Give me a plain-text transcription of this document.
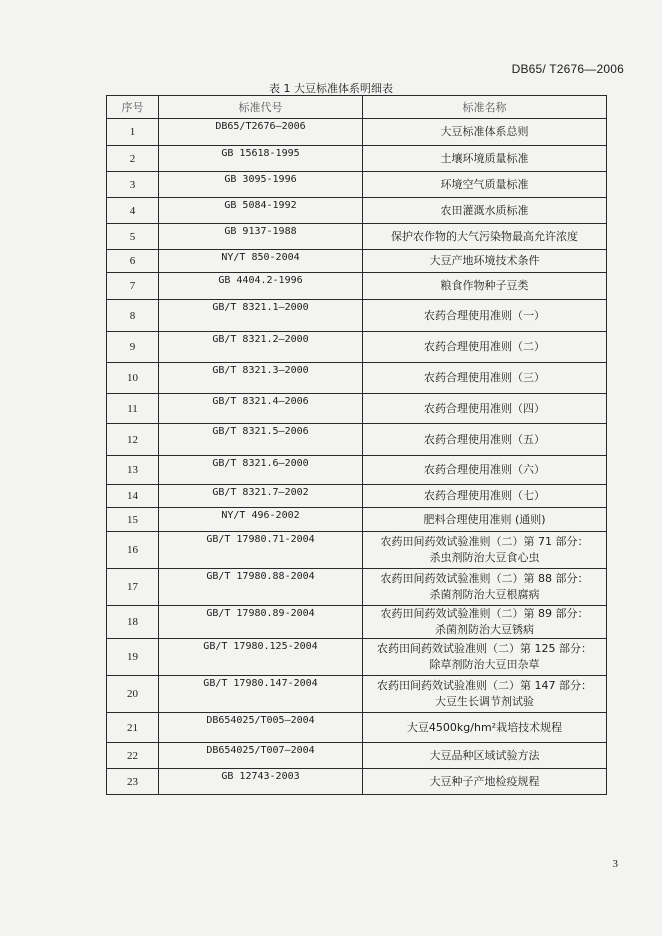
DB65/ T2676—2006
表 1 大豆标准体系明细表
序号	标准代号	标准名称
1	DB65/T2676—2006	大豆标准体系总则

2	GB 15618-1995	土壤环境质量标准

3	GB 3095-1996	环境空气质量标准

4	GB 5084-1992	农田灌溉水质标准

5	GB 9137-1988	保护农作物的大气污染物最高允许浓度

6	NY/T 850-2004	大豆产地环境技术条件

7	GB 4404.2-1996	粮食作物种子豆类

8	GB/T 8321.1—2000	农药合理使用准则（一）

9	GB/T 8321.2—2000	农药合理使用准则（二）

10	GB/T 8321.3—2000	农药合理使用准则（三）

11	GB/T 8321.4—2006	农药合理使用准则（四）

12	GB/T 8321.5—2006	农药合理使用准则（五）

13	GB/T 8321.6—2000	农药合理使用准则（六）

14	GB/T 8321.7—2002	农药合理使用准则（七）

15	NY/T 496-2002	肥料合理使用准则 (通则)

16	GB/T 17980.71-2004	农药田间药效试验准则（二）第 71 部分：
杀虫剂防治大豆食心虫

17	GB/T 17980.88-2004	农药田间药效试验准则（二）第 88 部分：
杀菌剂防治大豆根腐病

18	GB/T 17980.89-2004	农药田间药效试验准则（二）第 89 部分：
杀菌剂防治大豆锈病

19	GB/T 17980.125-2004	农药田间药效试验准则（二）第 125 部分：
除草剂防治大豆田杂草

20	GB/T 17980.147-2004	农药田间药效试验准则（二）第 147 部分：
大豆生长调节剂试验

21	DB654025/T005—2004	大豆4500kg/hm²栽培技术规程

22	DB654025/T007—2004	大豆品种区域试验方法

23	GB 12743-2003	大豆种子产地检疫规程
3
